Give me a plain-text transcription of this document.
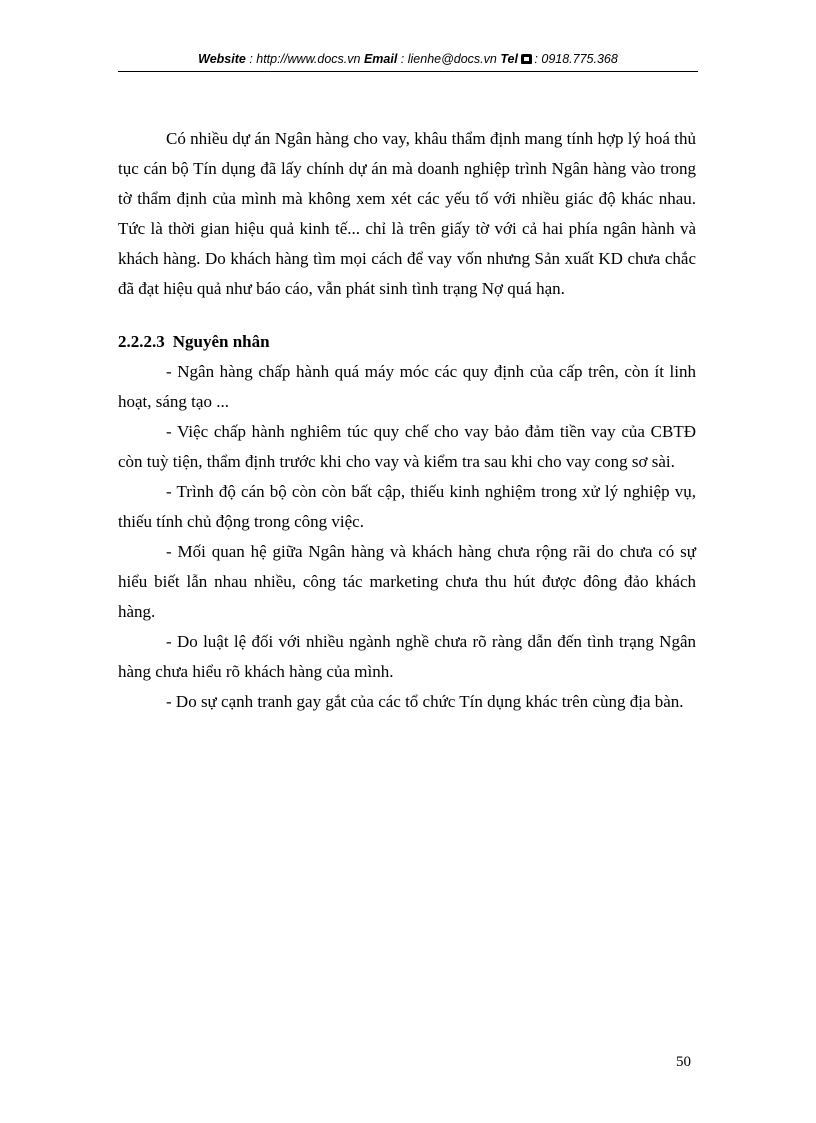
Website : http://www.docs.vn Email : lienhe@docs.vn Tel : 0918.775.368

Có nhiều dự án Ngân hàng cho vay, khâu thẩm định mang tính hợp lý hoá thủ tục cán bộ Tín dụng đã lấy chính dự án mà doanh nghiệp trình Ngân hàng vào trong tờ thẩm định của mình mà không xem xét các yếu tố với nhiều giác độ khác nhau. Tức là thời gian hiệu quả kinh tế... chỉ là trên giấy tờ với cả hai phía ngân hành và khách hàng. Do khách hàng tìm mọi cách để vay vốn nhưng Sản xuất KD chưa chắc đã đạt hiệu quả như báo cáo, vẫn phát sinh tình trạng Nợ quá hạn.

2.2.2.3 Nguyên nhân

- Ngân hàng chấp hành quá máy móc các quy định của cấp trên, còn ít linh hoạt, sáng tạo ...

- Việc chấp hành nghiêm túc quy chế cho vay bảo đảm tiền vay của CBTĐ còn tuỳ tiện, thẩm định trước khi cho vay và kiểm tra sau khi cho vay cong sơ sài.

- Trình độ cán bộ còn còn bất cập, thiếu kinh nghiệm trong xử lý nghiệp vụ, thiếu tính chủ động trong công việc.

- Mối quan hệ giữa Ngân hàng và khách hàng chưa rộng rãi do chưa có sự hiểu biết lẫn nhau nhiều, công tác marketing chưa thu hút được đông đảo khách hàng.

- Do luật lệ đối với nhiều ngành nghề chưa rõ ràng dẫn đến tình trạng Ngân hàng chưa hiểu rõ khách hàng của mình.

- Do sự cạnh tranh gay gắt của các tổ chức Tín dụng khác trên cùng địa bàn.

50
